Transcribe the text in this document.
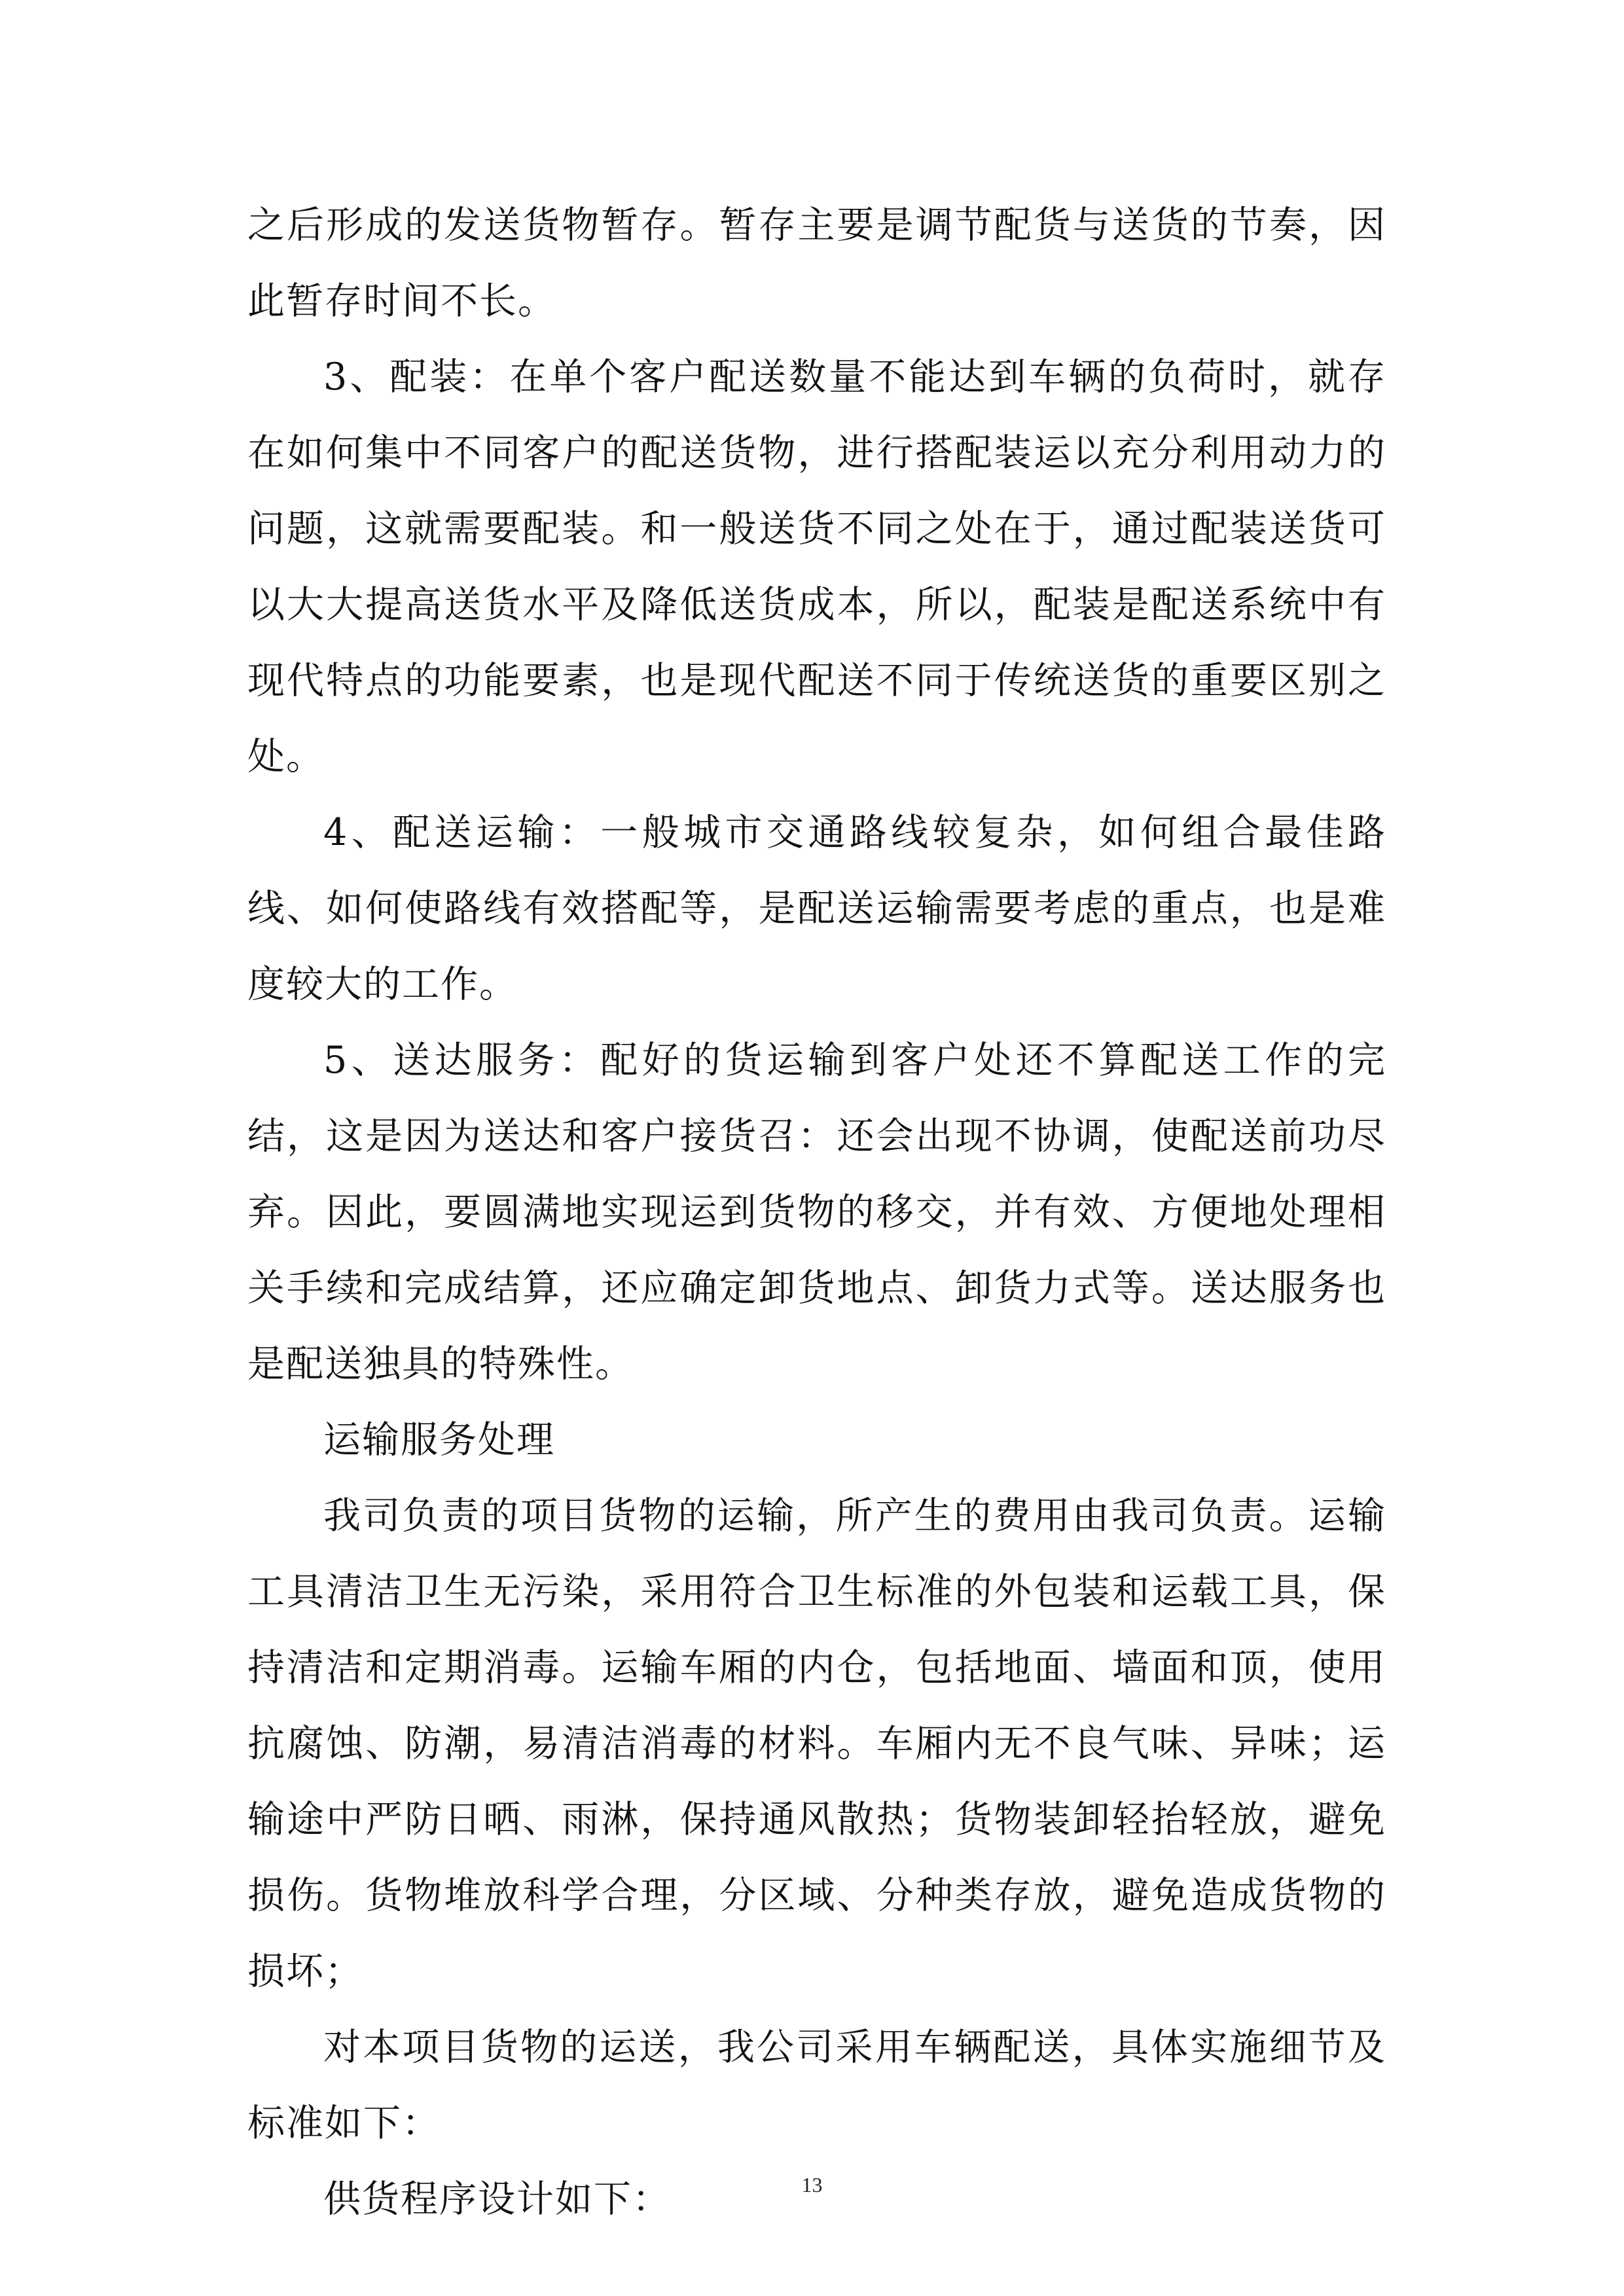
之后形成的发送货物暂存。暂存主要是调节配货与送货的节奏，因此暂存时间不长。

3、配装：在单个客户配送数量不能达到车辆的负荷时，就存在如何集中不同客户的配送货物，进行搭配装运以充分利用动力的问题，这就需要配装。和一般送货不同之处在于，通过配装送货可以大大提高送货水平及降低送货成本，所以，配装是配送系统中有现代特点的功能要素，也是现代配送不同于传统送货的重要区别之处。

4、配送运输：一般城市交通路线较复杂，如何组合最佳路线、如何使路线有效搭配等，是配送运输需要考虑的重点，也是难度较大的工作。

5、送达服务：配好的货运输到客户处还不算配送工作的完结，这是因为送达和客户接货召：还会出现不协调，使配送前功尽弃。因此，要圆满地实现运到货物的移交，并有效、方便地处理相关手续和完成结算，还应确定卸货地点、卸货力式等。送达服务也是配送独具的特殊性。

运输服务处理

我司负责的项目货物的运输，所产生的费用由我司负责。运输工具清洁卫生无污染，采用符合卫生标准的外包装和运载工具，保持清洁和定期消毒。运输车厢的内仓，包括地面、墙面和顶，使用抗腐蚀、防潮，易清洁消毒的材料。车厢内无不良气味、异味；运输途中严防日晒、雨淋，保持通风散热；货物装卸轻抬轻放，避免损伤。货物堆放科学合理，分区域、分种类存放，避免造成货物的损坏；

对本项目货物的运送，我公司采用车辆配送，具体实施细节及标准如下：

供货程序设计如下：	13
